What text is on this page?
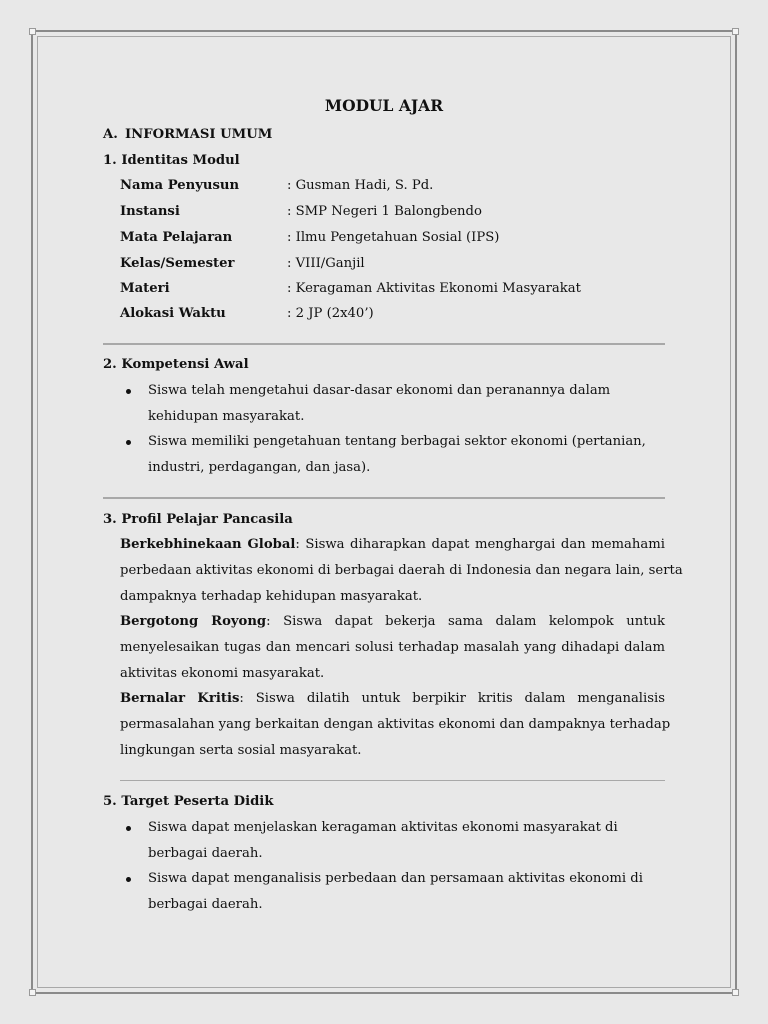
MODUL AJAR
A. INFORMASI UMUM
1. Identitas Modul
Nama Penyusun	: Gusman Hadi, S. Pd.
Instansi	: SMP Negeri 1 Balongbendo
Mata Pelajaran	: Ilmu Pengetahuan Sosial (IPS)
Kelas/Semester	: VIII/Ganjil
Materi	: Keragaman Aktivitas Ekonomi Masyarakat
Alokasi Waktu	: 2 JP (2x40’)
2. Kompetensi Awal
Siswa telah mengetahui dasar-dasar ekonomi dan peranannya dalam
kehidupan masyarakat.
Siswa memiliki pengetahuan tentang berbagai sektor ekonomi (pertanian,
industri, perdagangan, dan jasa).
3. Profil Pelajar Pancasila
Berkebhinekaan Global: Siswa diharapkan dapat menghargai dan memahami
perbedaan aktivitas ekonomi di berbagai daerah di Indonesia dan negara lain, serta
dampaknya terhadap kehidupan masyarakat.
Bergotong Royong: Siswa dapat bekerja sama dalam kelompok untuk
menyelesaikan tugas dan mencari solusi terhadap masalah yang dihadapi dalam
aktivitas ekonomi masyarakat.
Bernalar Kritis: Siswa dilatih untuk berpikir kritis dalam menganalisis
permasalahan yang berkaitan dengan aktivitas ekonomi dan dampaknya terhadap
lingkungan serta sosial masyarakat.
5. Target Peserta Didik
Siswa dapat menjelaskan keragaman aktivitas ekonomi masyarakat di
berbagai daerah.
Siswa dapat menganalisis perbedaan dan persamaan aktivitas ekonomi di
berbagai daerah.
